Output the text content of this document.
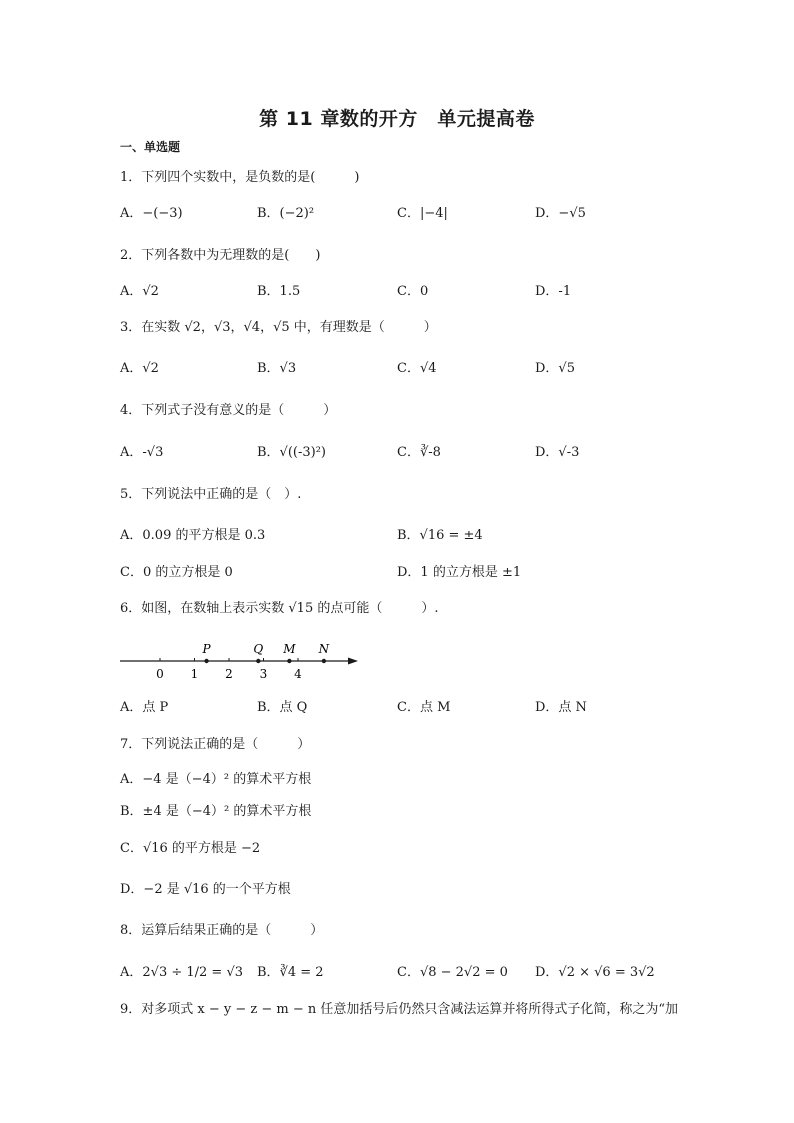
第 11 章数的开方　单元提高卷
一、单选题
1．下列四个实数中，是负数的是(　　　)
A．−(−3)	B．(−2)²	C．|−4|	D．−√5
2．下列各数中为无理数的是(　　)
A．√2	B．1.5	C．0	D．-1
3．在实数 √2，√3，√4，√5 中，有理数是（　　　）
A．√2	B．√3	C．√4	D．√5
4．下列式子没有意义的是（　　　）
A．-√3	B．√((-3)²)	C．∛-8	D．√-3
5．下列说法中正确的是（　）.
A．0.09 的平方根是 0.3	B．√16 = ±4
C．0 的立方根是 0	D．1 的立方根是 ±1
6．如图，在数轴上表示实数 √15 的点可能（　　　）.
0 1 2 3 4
P	Q M N
A．点 P	B．点 Q	C．点 M	D．点 N
7．下列说法正确的是（　　　）
A．−4 是（−4）² 的算术平方根
B．±4 是（−4）² 的算术平方根
C．√16 的平方根是 −2
D．−2 是 √16 的一个平方根
8．运算后结果正确的是（　　　）
A．2√3 ÷ 1/2 = √3 B．∛4 = 2	C．√8 − 2√2 = 0 D．√2 × √6 = 3√2
9．对多项式 x − y − z − m − n 任意加括号后仍然只含减法运算并将所得式子化简，称之为“加
